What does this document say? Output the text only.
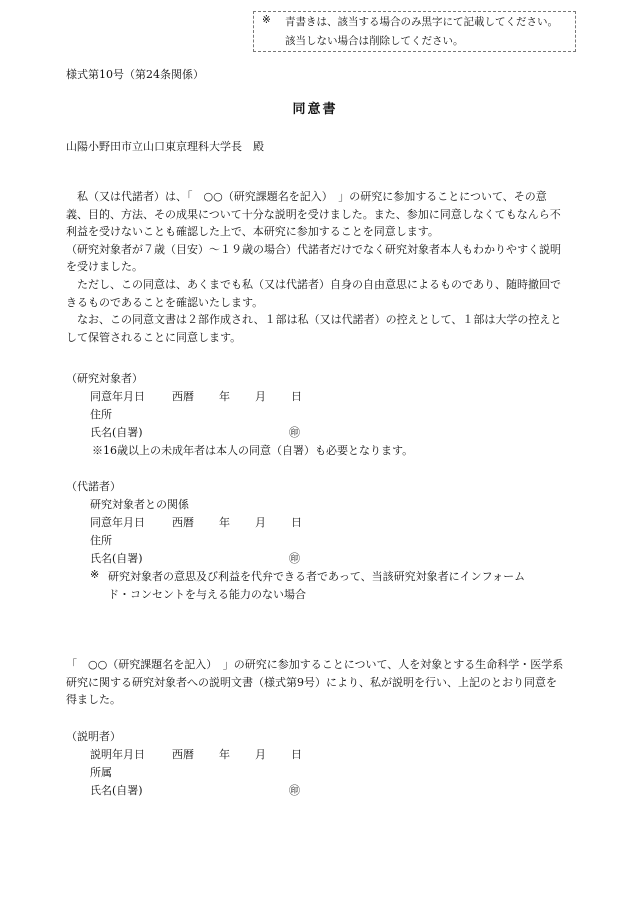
※ 青書きは、該当する場合のみ黒字にて記載してください。
該当しない場合は削除してください。
様式第10号（第24条関係）
同意書
山陽小野田市立山口東京理科大学長　殿

私（又は代諾者）は、「　○○（研究課題名を記入）　」の研究に参加することについて、その意義、目的、方法、その成果について十分な説明を受けました。また、参加に同意しなくてもなんら不利益を受けないことも確認した上で、本研究に参加することを同意します。

（研究対象者が７歳（目安）～１９歳の場合）代諾者だけでなく研究対象者本人もわかりやすく説明を受けました。

ただし、この同意は、あくまでも私（又は代諾者）自身の自由意思によるものであり、随時撤回できるものであることを確認いたします。

なお、この同意文書は２部作成され、１部は私（又は代諾者）の控えとして、１部は大学の控えとして保管されることに同意します。

（研究対象者）
同意年月日 西暦 年 月 日
住所
氏名(自署)	㊞
※16歳以上の未成年者は本人の同意（自署）も必要となります。
（代諾者）
研究対象者との関係
同意年月日 西暦 年 月 日
住所
氏名(自署)	㊞
※ 研究対象者の意思及び利益を代弁できる者であって、当該研究対象者にインフォーム
ド・コンセントを与える能力のない場合
「　○○（研究課題名を記入）　」の研究に参加することについて、人を対象とする生命科学・医学系研究に関する研究対象者への説明文書（様式第9号）により、私が説明を行い、上記のとおり同意を得ました。
（説明者）
説明年月日 西暦 年 月 日
所属
氏名(自署)	㊞
